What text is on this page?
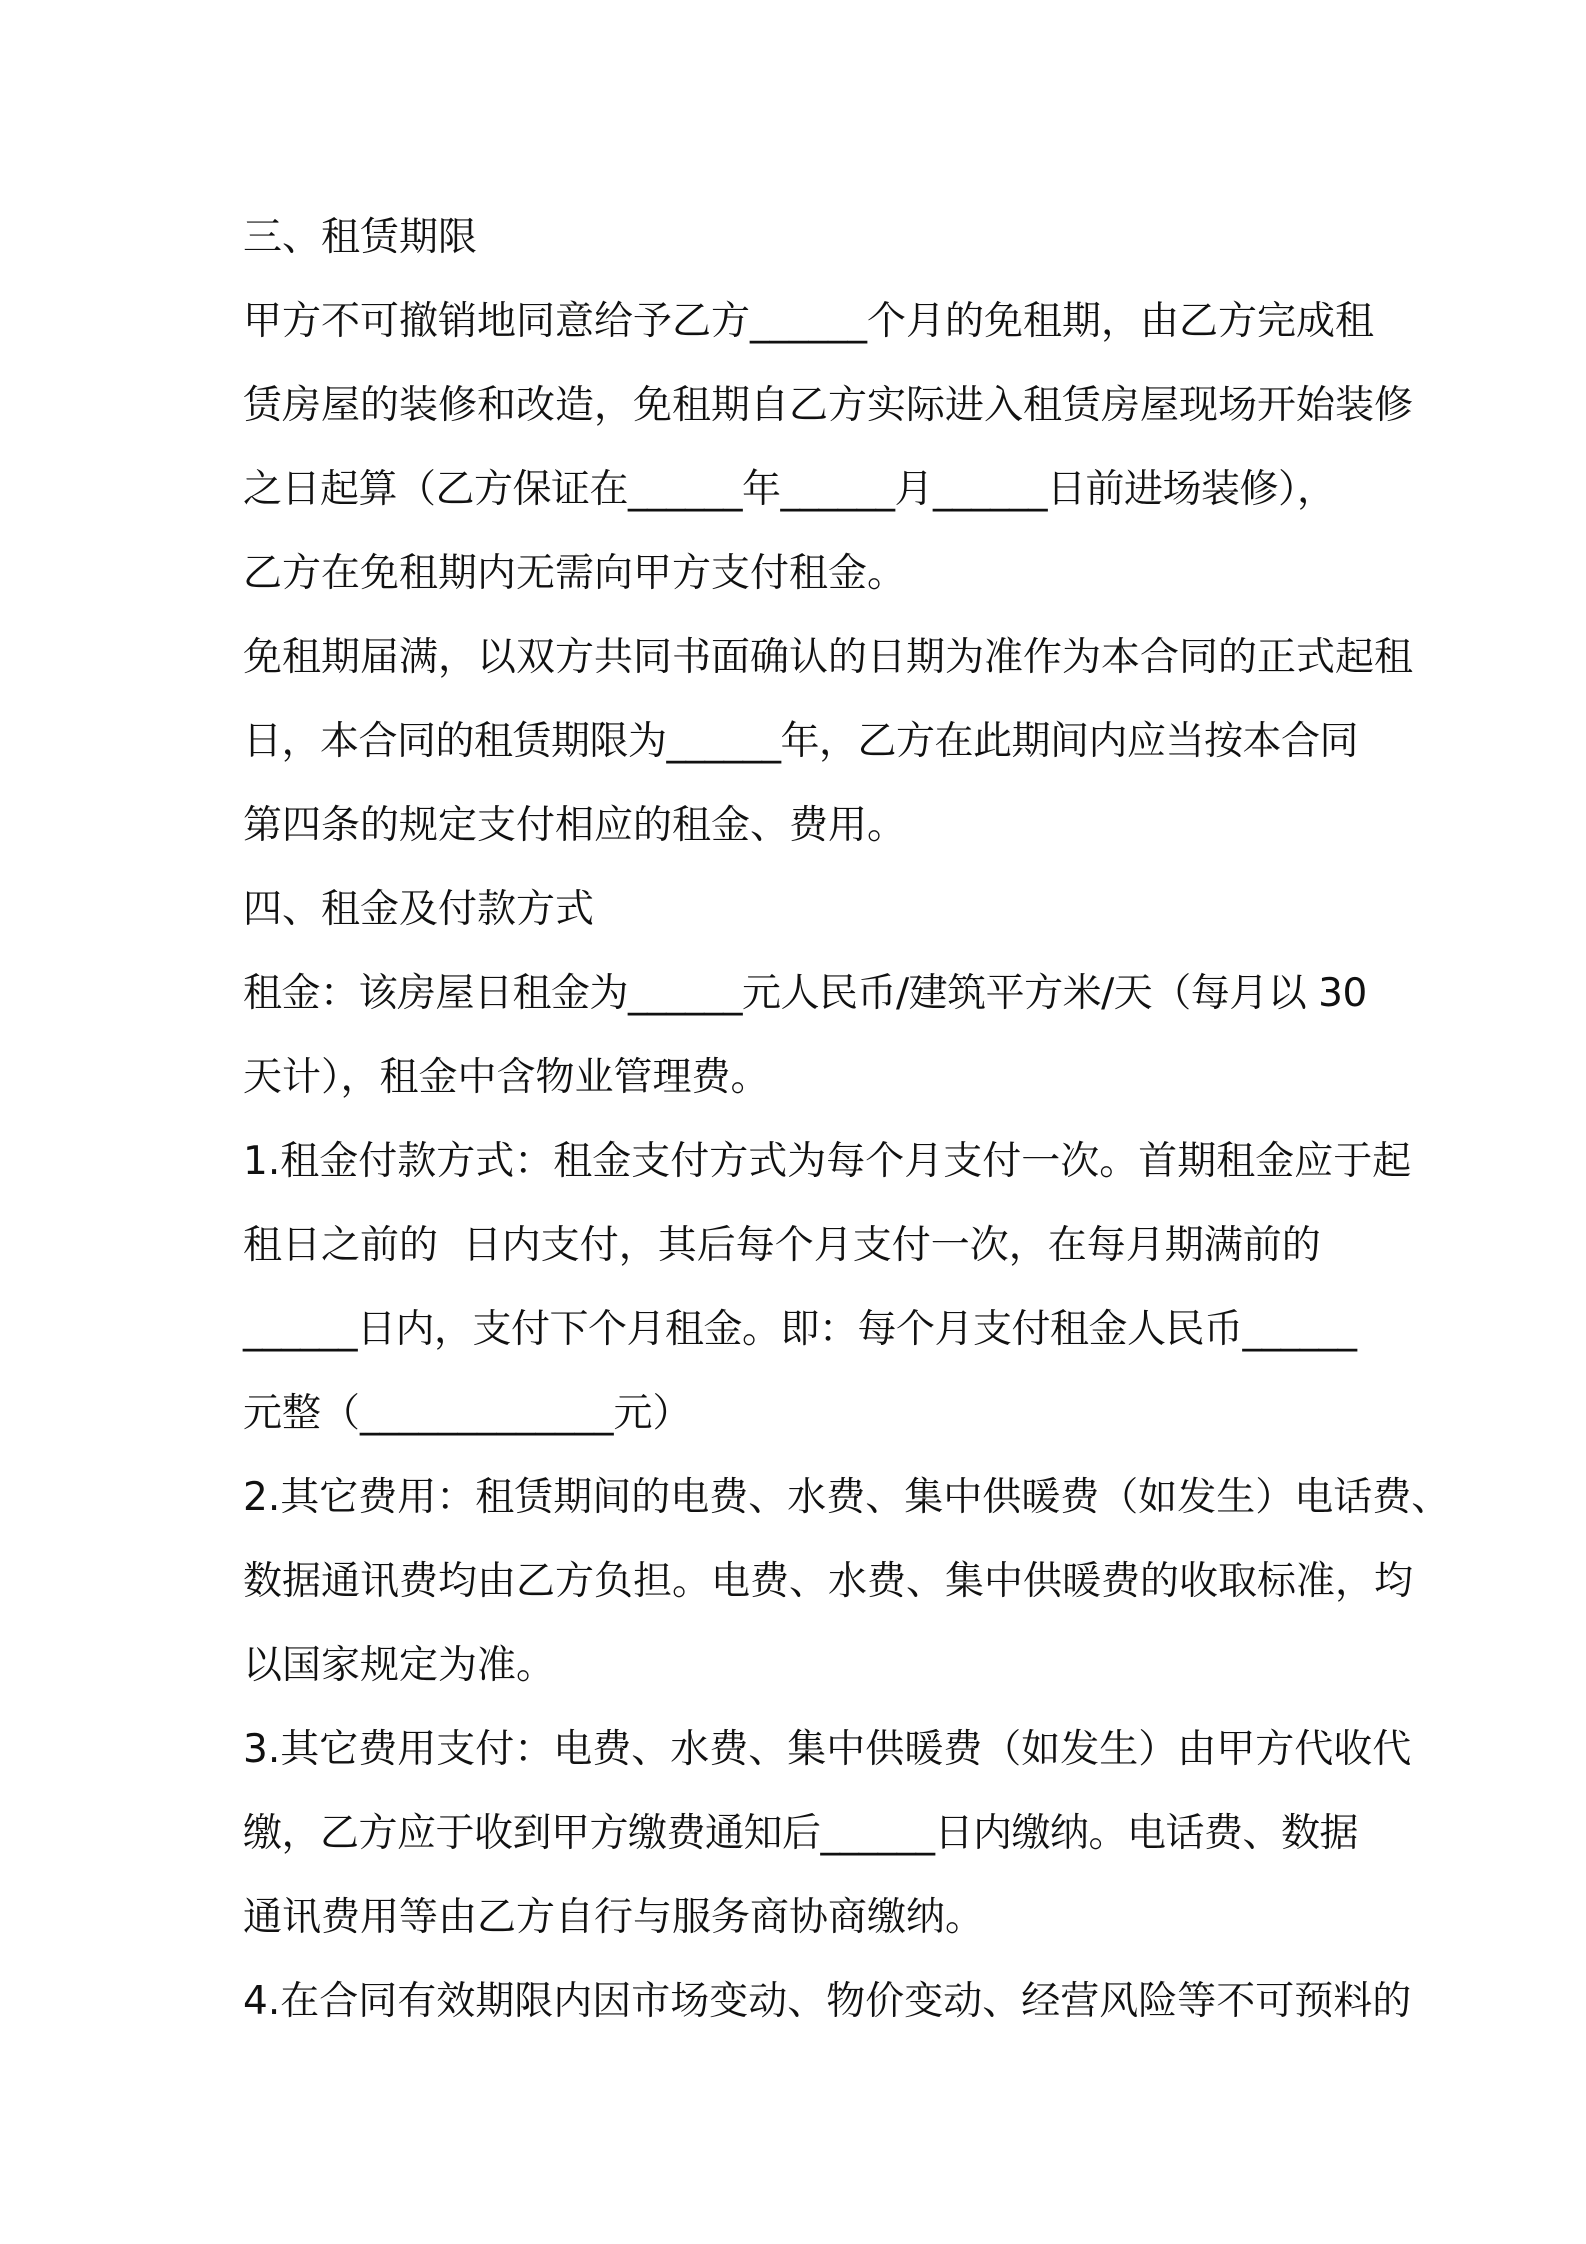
三、租赁期限
甲方不可撤销地同意给予乙方______个月的免租期，由乙方完成租
赁房屋的装修和改造，免租期自乙方实际进入租赁房屋现场开始装修
之日起算（乙方保证在______年______月______日前进场装修），
乙方在免租期内无需向甲方支付租金。
免租期届满，以双方共同书面确认的日期为准作为本合同的正式起租
日，本合同的租赁期限为______年，乙方在此期间内应当按本合同
第四条的规定支付相应的租金、费用。
四、租金及付款方式
租金：该房屋日租金为______元人民币/建筑平方米/天（每月以 30
天计），租金中含物业管理费。
1.租金付款方式：租金支付方式为每个月支付一次。首期租金应于起
租日之前的  日内支付，其后每个月支付一次，在每月期满前的
______日内，支付下个月租金。即：每个月支付租金人民币______
元整（_____________元）
2.其它费用：租赁期间的电费、水费、集中供暖费（如发生）电话费、
数据通讯费均由乙方负担。电费、水费、集中供暖费的收取标准，均
以国家规定为准。
3.其它费用支付：电费、水费、集中供暖费（如发生）由甲方代收代
缴，乙方应于收到甲方缴费通知后______日内缴纳。电话费、数据
通讯费用等由乙方自行与服务商协商缴纳。
4.在合同有效期限内因市场变动、物价变动、经营风险等不可预料的
